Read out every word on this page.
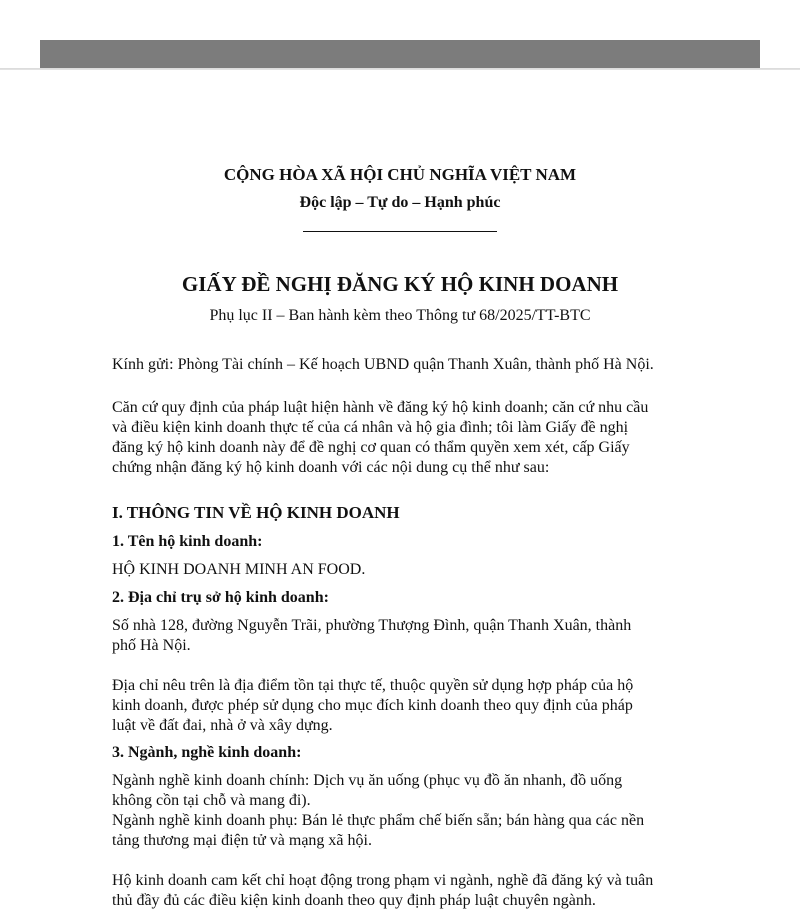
CỘNG HÒA XÃ HỘI CHỦ NGHĨA VIỆT NAM
Độc lập – Tự do – Hạnh phúc
GIẤY ĐỀ NGHỊ ĐĂNG KÝ HỘ KINH DOANH
Phụ lục II – Ban hành kèm theo Thông tư 68/2025/TT-BTC
Kính gửi: Phòng Tài chính – Kế hoạch UBND quận Thanh Xuân, thành phố Hà Nội.
Căn cứ quy định của pháp luật hiện hành về đăng ký hộ kinh doanh; căn cứ nhu cầu
và điều kiện kinh doanh thực tế của cá nhân và hộ gia đình; tôi làm Giấy đề nghị
đăng ký hộ kinh doanh này để đề nghị cơ quan có thẩm quyền xem xét, cấp Giấy
chứng nhận đăng ký hộ kinh doanh với các nội dung cụ thể như sau:
I. THÔNG TIN VỀ HỘ KINH DOANH
1. Tên hộ kinh doanh:
HỘ KINH DOANH MINH AN FOOD.
2. Địa chỉ trụ sở hộ kinh doanh:
Số nhà 128, đường Nguyễn Trãi, phường Thượng Đình, quận Thanh Xuân, thành
phố Hà Nội.
Địa chỉ nêu trên là địa điểm tồn tại thực tế, thuộc quyền sử dụng hợp pháp của hộ
kinh doanh, được phép sử dụng cho mục đích kinh doanh theo quy định của pháp
luật về đất đai, nhà ở và xây dựng.
3. Ngành, nghề kinh doanh:
Ngành nghề kinh doanh chính: Dịch vụ ăn uống (phục vụ đồ ăn nhanh, đồ uống
không cồn tại chỗ và mang đi).
Ngành nghề kinh doanh phụ: Bán lẻ thực phẩm chế biến sẵn; bán hàng qua các nền
tảng thương mại điện tử và mạng xã hội.
Hộ kinh doanh cam kết chỉ hoạt động trong phạm vi ngành, nghề đã đăng ký và tuân
thủ đầy đủ các điều kiện kinh doanh theo quy định pháp luật chuyên ngành.
